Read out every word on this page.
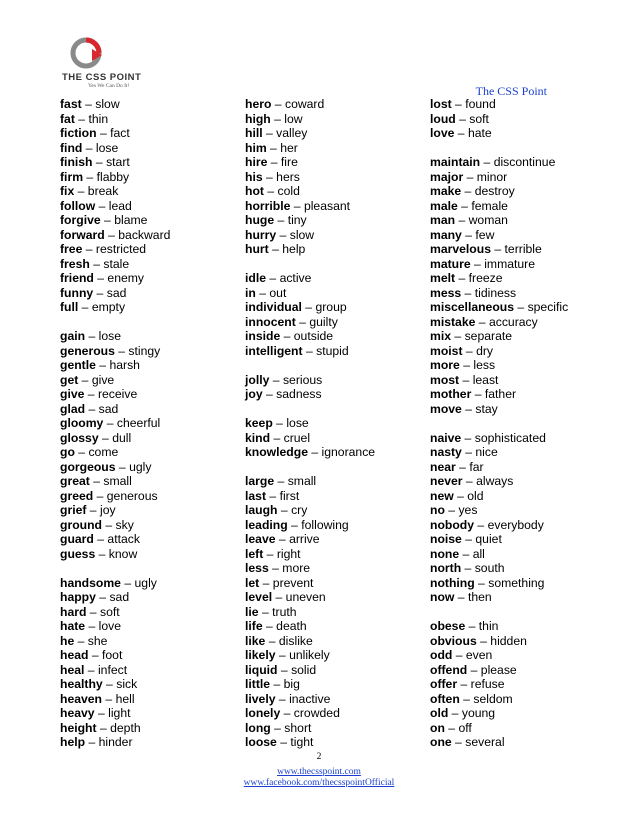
THE CSS POINT
Yes We Can Do It!	The CSS Point
fast – slow
fat – thin
fiction – fact
find – lose
finish – start
firm – flabby
fix – break
follow – lead
forgive – blame
forward – backward
free – restricted
fresh – stale
friend – enemy
funny – sad
full – empty
gain – lose
generous – stingy
gentle – harsh
get – give
give – receive
glad – sad
gloomy – cheerful
glossy – dull
go – come
gorgeous – ugly
great – small
greed – generous
grief – joy
ground – sky
guard – attack
guess – know
handsome – ugly
happy – sad
hard – soft
hate – love
he – she
head – foot
heal – infect
healthy – sick
heaven – hell
heavy – light
height – depth
help – hinder
hero – coward
high – low
hill – valley
him – her
hire – fire
his – hers
hot – cold
horrible – pleasant
huge – tiny
hurry – slow
hurt – help
idle – active
in – out
individual – group
innocent – guilty
inside – outside
intelligent – stupid
jolly – serious
joy – sadness
keep – lose
kind – cruel
knowledge – ignorance
large – small
last – first
laugh – cry
leading – following
leave – arrive
left – right
less – more
let – prevent
level – uneven
lie – truth
life – death
like – dislike
likely – unlikely
liquid – solid
little – big
lively – inactive
lonely – crowded
long – short
loose – tight
lost – found
loud – soft
love – hate
maintain – discontinue
major – minor
make – destroy
male – female
man – woman
many – few
marvelous – terrible
mature – immature
melt – freeze
mess – tidiness
miscellaneous – specific
mistake – accuracy
mix – separate
moist – dry
more – less
most – least
mother – father
move – stay
naive – sophisticated
nasty – nice
near – far
never – always
new – old
no – yes
nobody – everybody
noise – quiet
none – all
north – south
nothing – something
now – then
obese – thin
obvious – hidden
odd – even
offend – please
offer – refuse
often – seldom
old – young
on – off
one – several
2
www.thecsspoint.com
www.facebook.com/thecsspointOfficial
